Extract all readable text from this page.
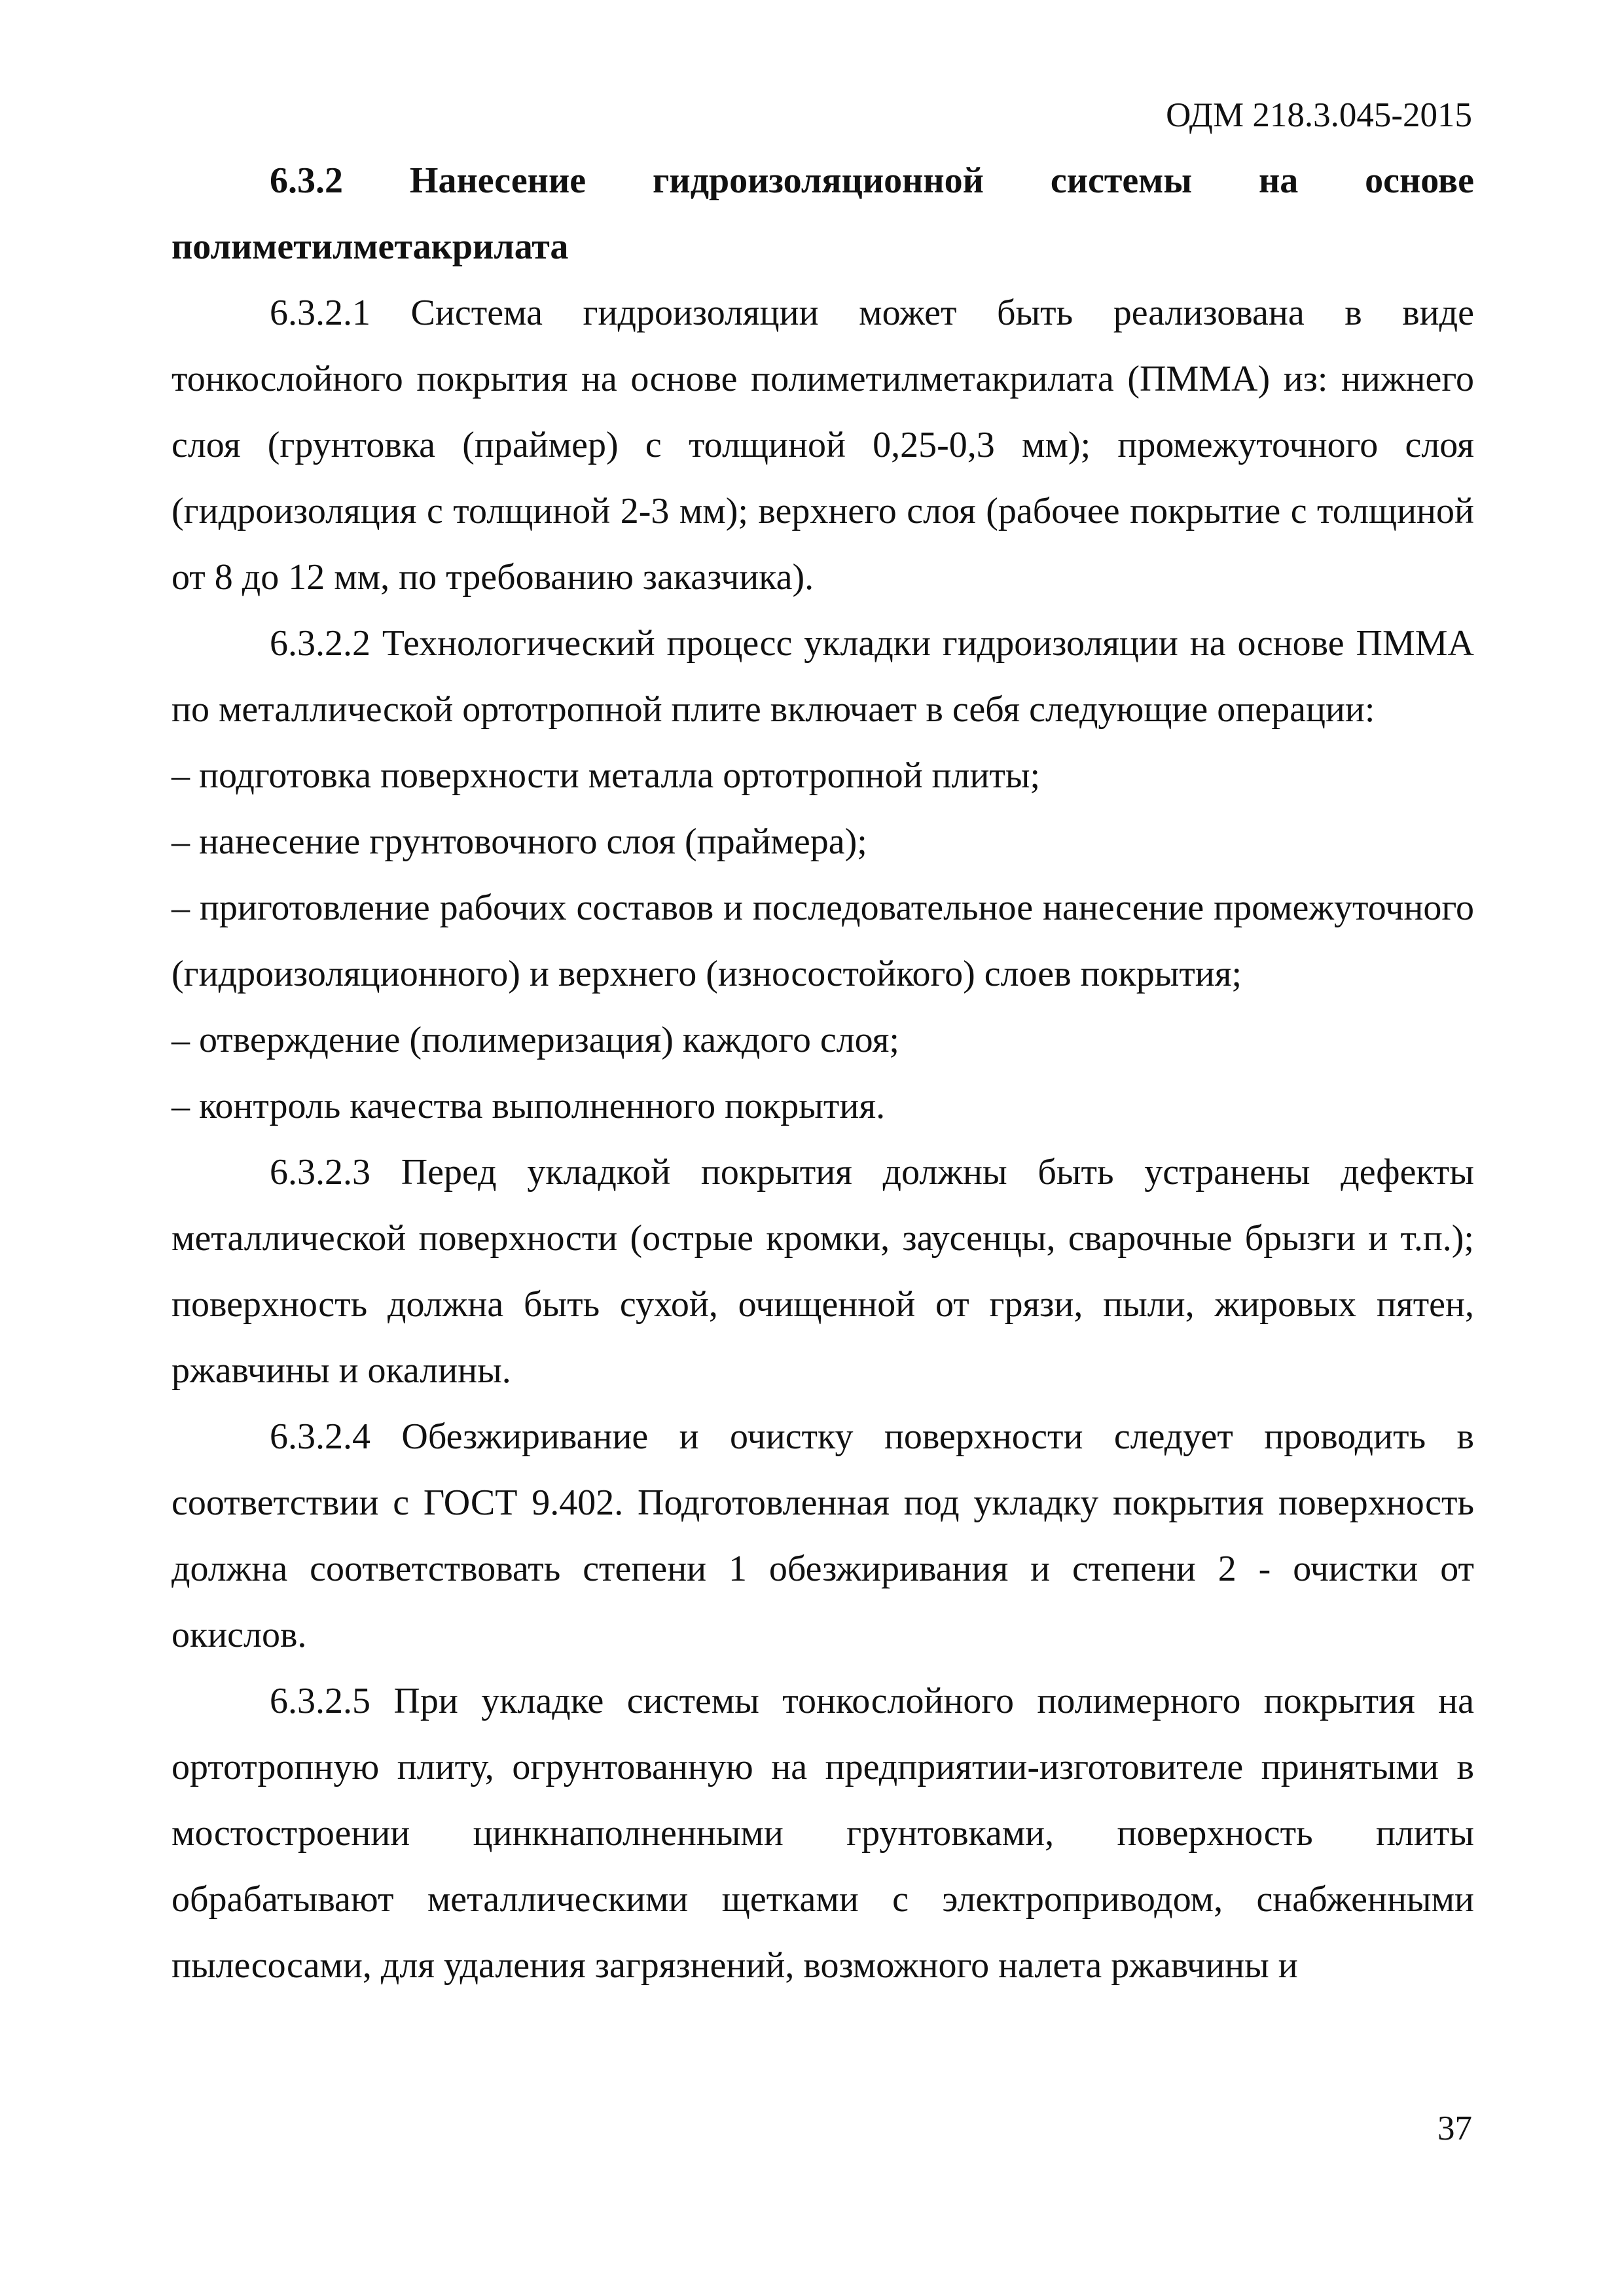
ОДМ 218.3.045-2015

6.3.2 Нанесение гидроизоляционной системы на основе полиметилметакрилата

6.3.2.1 Система гидроизоляции может быть реализована в виде тонкослойного покрытия на основе полиметилметакрилата (ПММА) из: нижнего слоя (грунтовка (праймер) с толщиной 0,25-0,3 мм); промежуточного слоя (гидроизоляция с толщиной 2-3 мм); верхнего слоя (рабочее покрытие с толщиной от 8 до 12 мм, по требованию заказчика).

6.3.2.2 Технологический процесс укладки гидроизоляции на основе ПММА по металлической ортотропной плите включает в себя следующие операции:

– подготовка поверхности металла ортотропной плиты;

– нанесение грунтовочного слоя (праймера);

– приготовление рабочих составов и последовательное нанесение промежуточного (гидроизоляционного) и верхнего (износостойкого) слоев покрытия;

– отверждение (полимеризация) каждого слоя;

– контроль качества выполненного покрытия.

6.3.2.3 Перед укладкой покрытия должны быть устранены дефекты металлической поверхности (острые кромки, заусенцы, сварочные брызги и т.п.); поверхность должна быть сухой, очищенной от грязи, пыли, жировых пятен, ржавчины и окалины.

6.3.2.4 Обезжиривание и очистку поверхности следует проводить в соответствии с ГОСТ 9.402. Подготовленная под укладку покрытия поверхность должна соответствовать степени 1 обезжиривания и степени 2 - очистки от окислов.

6.3.2.5 При укладке системы тонкослойного полимерного покрытия на ортотропную плиту, огрунтованную на предприятии-изготовителе принятыми в мостостроении цинкнаполненными грунтовками, поверхность плиты обрабатывают металлическими щетками с электроприводом, снабженными пылесосами, для удаления загрязнений, возможного налета ржавчины и

37
